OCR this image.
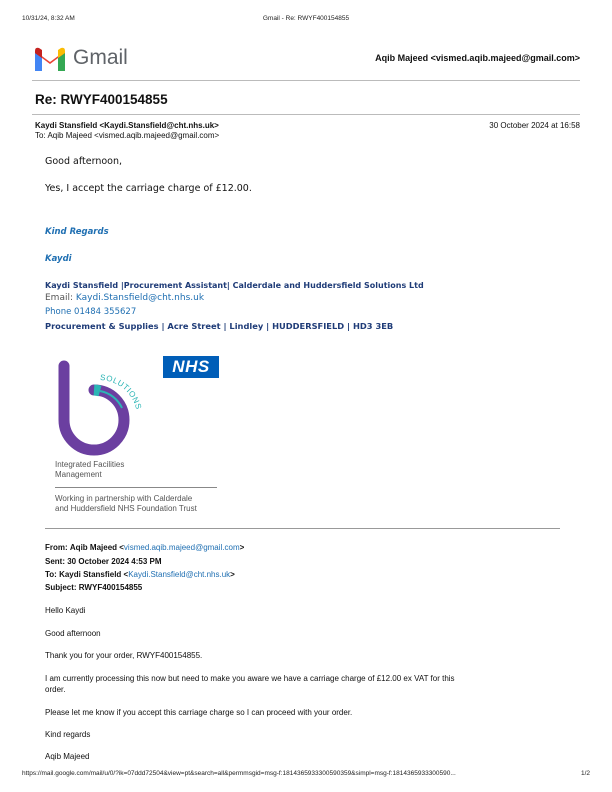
10/31/24, 8:32 AM	Gmail - Re: RWYF400154855
Gmail	Aqib Majeed <vismed.aqib.majeed@gmail.com>
Re: RWYF400154855
Kaydi Stansfield <Kaydi.Stansfield@cht.nhs.uk>
To: Aqib Majeed <vismed.aqib.majeed@gmail.com>
30 October 2024 at 16:58
Good afternoon,
Yes, I accept the carriage charge of £12.00.
Kind Regards
Kaydi
Kaydi Stansfield |Procurement Assistant| Calderdale and Huddersfield Solutions Ltd
Email: Kaydi.Stansfield@cht.nhs.uk
Phone 01484 355627
Procurement & Supplies | Acre Street | Lindley | HUDDERSFIELD | HD3 3EB
SOLUTIONS
NHS
Integrated Facilities
Management
Working in partnership with Calderdale
and Huddersfield NHS Foundation Trust
From: Aqib Majeed <vismed.aqib.majeed@gmail.com>
Sent: 30 October 2024 4:53 PM
To: Kaydi Stansfield <Kaydi.Stansfield@cht.nhs.uk>
Subject: RWYF400154855
Hello Kaydi
Good afternoon
Thank you for your order, RWYF400154855.
I am currently processing this now but need to make you aware we have a carriage charge of £12.00 ex VAT for this
order.
Please let me know if you accept this carriage charge so I can proceed with your order.
Kind regards
Aqib Majeed
https://mail.google.com/mail/u/0/?ik=07ddd72504&view=pt&search=all&permmsgid=msg-f:1814365933300590359&simpl=msg-f:1814365933300590...	1/2
